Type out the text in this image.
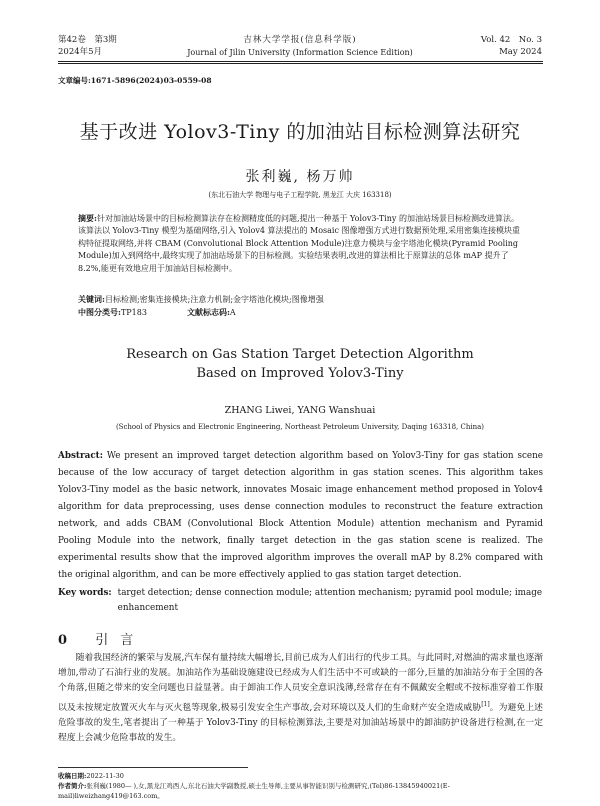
第42卷　第3期
2024年5月
吉林大学学报(信息科学版)
Journal of Jilin University (Information Science Edition)
Vol. 42　No. 3
May 2024
文章编号:1671-5896(2024)03-0559-08
基于改进 Yolov3-Tiny 的加油站目标检测算法研究
张利巍, 杨万帅
(东北石油大学 物理与电子工程学院, 黑龙江 大庆 163318)
摘要:针对加油站场景中的目标检测算法存在检测精度低的问题,提出一种基于 Yolov3-Tiny 的加油站场景目标检测改进算法。该算法以 Yolov3-Tiny 模型为基础网络,引入 Yolov4 算法提出的 Mosaic 图像增强方式进行数据预处理,采用密集连接模块重构特征提取网络,并将 CBAM (Convolutional Block Attention Module)注意力模块与金字塔池化模块(Pyramid Pooling Module)加入到网络中,最终实现了加油站场景下的目标检测。实验结果表明,改进的算法相比于原算法的总体 mAP 提升了 8.2%,能更有效地应用于加油站目标检测中。
关键词:目标检测;密集连接模块;注意力机制;金字塔池化模块;图像增强
中图分类号:TP183	文献标志码:A
Research on Gas Station Target Detection Algorithm
Based on Improved Yolov3-Tiny
ZHANG Liwei, YANG Wanshuai
(School of Physics and Electronic Engineering, Northeast Petroleum University, Daqing 163318, China)
Abstract: We present an improved target detection algorithm based on Yolov3-Tiny for gas station scene because of the low accuracy of target detection algorithm in gas station scenes. This algorithm takes Yolov3-Tiny model as the basic network, innovates Mosaic image enhancement method proposed in Yolov4 algorithm for data preprocessing, uses dense connection modules to reconstruct the feature extraction network, and adds CBAM (Convolutional Block Attention Module) attention mechanism and Pyramid Pooling Module into the network, finally target detection in the gas station scene is realized. The experimental results show that the improved algorithm improves the overall mAP by 8.2% compared with the original algorithm, and can be more effectively applied to gas station target detection.
Key words: target detection; dense connection module; attention mechanism; pyramid pool module; image enhancement
0 引言
随着我国经济的繁荣与发展,汽车保有量持续大幅增长,目前已成为人们出行的代步工具。与此同时,对燃油的需求量也逐渐增加,带动了石油行业的发展。加油站作为基础设施建设已经成为人们生活中不可或缺的一部分,巨量的加油站分布于全国的各个角落,但随之带来的安全问题也日益显著。由于卸油工作人员安全意识浅薄,经常存在有不佩戴安全帽或不按标准穿着工作服以及未按规定放置灭火车与灭火毯等现象,极易引发安全生产事故,会对环境以及人们的生命财产安全造成威胁[1]。为避免上述危险事故的发生,笔者提出了一种基于 Yolov3-Tiny 的目标检测算法,主要是对加油站场景中的卸油防护设备进行检测,在一定程度上会减少危险事故的发生。
收稿日期:2022-11-30
作者简介:张利巍(1980— ),女,黑龙江鸡西人,东北石油大学副教授,硕士生导师,主要从事智能识别与检测研究,(Tel)86-13845940021(E-mail)liweizhang419@163.com。
